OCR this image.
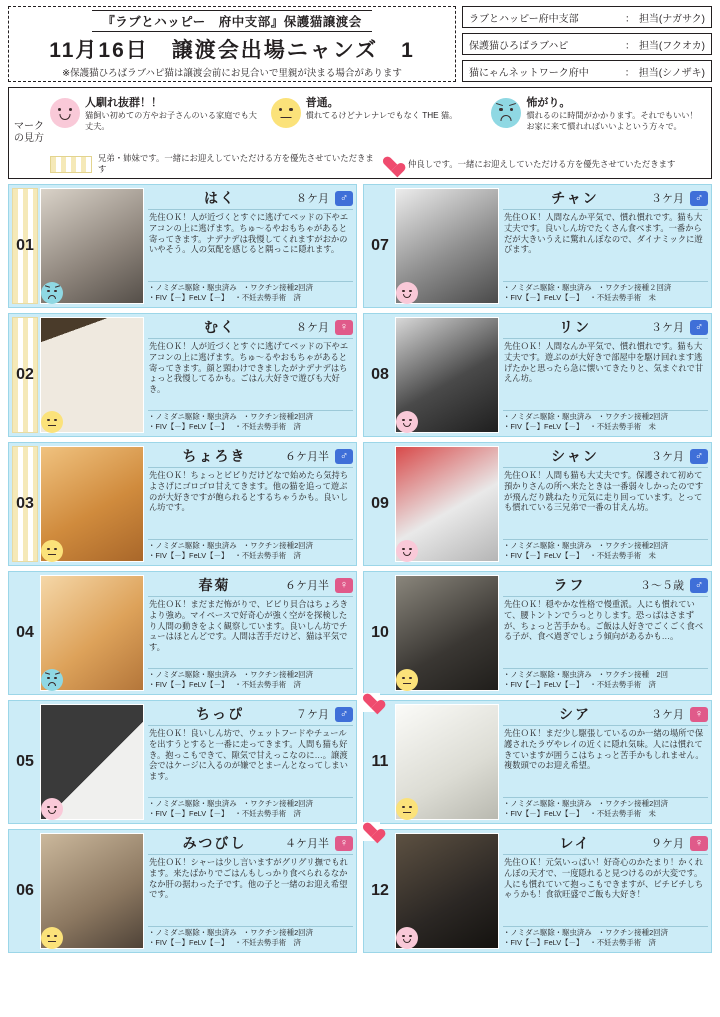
『ラブとハッピー　府中支部』保護猫譲渡会
11月16日　譲渡会出場ニャンズ　1
※保護猫ひろばラブハピ猫は譲渡会前にお見合いで里親が決まる場合があります
ラブとハッピー府中支部	： 担当(ナガサク)
保護猫ひろばラブハピ	： 担当(フクオカ)
猫にゃんネットワーク府中	： 担当(シノザキ)
マークの見方
人馴れ抜群！！
猫飼い初めての方やお子さんのいる家庭でも大丈夫。
普通。
慣れてるけどナレナレでもなく THE 猫。
怖がり。
慣れるのに時間がかかります。それでもいい！お家に来て慣れればいいよという方々で。
兄弟・姉妹です。一緒にお迎えしていただける方を優先させていただきます
仲良しです。一緒にお迎えしていただける方を優先させていただきます
01
はく	８ケ月 ♂
先住ＯＫ！人が近づくとすぐに逃げてベッドの下やエアコンの上に逃げます。ちゅ～るやおもちゃがあると寄ってきます。ナデナデは我慢してくれますがおかのいやそう。人の気配を感じると隅っこに隠れます。
・ノミダニ駆除・駆虫済み ・ワクチン接種2回済
・FIV【－】FeLV【－】 ・不妊去勢手術　済
02
むく	８ケ月 ♀
先住ＯＫ！人が近づくとすぐに逃げてベッドの下やエアコンの上に逃げます。ちゅ～るやおもちゃがあると寄ってきます。顔と頸わけできましたがナデナデはちょっと我慢してるかも。ごはん大好きで遊びも大好き。
・ノミダニ駆除・駆虫済み ・ワクチン接種2回済
・FIV【－】FeLV【－】 ・不妊去勢手術　済
03
ちょろき	６ケ月半 ♂
先住ＯＫ！ちょっとビビりだけどなで始めたら気持ちよさげにゴロゴロ甘えてきます。他の猫を追って遊ぶのが大好きですが飽られるとするちゃうかも。良いしん坊です。
・ノミダニ駆除・駆虫済み ・ワクチン接種2回済
・FIV【－】FeLV【－】 ・不妊去勢手術　済
04
春菊	６ケ月半 ♀
先住ＯＫ！まだまだ怖がりで、ビビり貝合はちょろきより強め。マイペースで好奇心が強く空がを探検したり人間の動きをよく観察しています。良いしん坊でチューはほとんどです。人間は苦手だけど、猫は平気です。
・ノミダニ駆除・駆虫済み ・ワクチン接種2回済
・FIV【－】FeLV【－】 ・不妊去勢手術　済
05
ちっぴ	７ケ月 ♂
先住ＯＫ！良いしん坊で、ウェットフードやチュールを出すうとすると一番に走ってきます。人間も猫も好き。抱っこもできて、隙気で甘えっこなのに…。譲渡会ではケージに入るのが嫌でとまーんとなってしまいます。
・ノミダニ駆除・駆虫済み ・ワクチン接種2回済
・FIV【－】FeLV【－】 ・不妊去勢手術　済
06
みつびし	４ケ月半 ♀
先住ＯＫ！シャーは少し言いますがグリグリ撫でもれます。来たばかりでごはんもしっかり食べられるなかなか肝の据わった子です。他の子と一緒のお迎え希望です。
・ノミダニ駆除・駆虫済み ・ワクチン接種2回済
・FIV【－】FeLV【－】 ・不妊去勢手術　済
07
チャン	３ケ月 ♂
先住ＯＫ！人間なんか平気で、慣れ慣れです。猫も大丈夫です。良いしん坊でたくさん食べます。一番からだが大きいうえに驚れんぼなので、ダイナミックに遊びます。
・ノミダニ駆除・駆虫済み ・ワクチン接種２回済
・FIV【－】FeLV【－】 ・不妊去勢手術　未
08
リン	３ケ月 ♂
先住ＯＫ！人間なんか平気で、慣れ慣れです。猫も大丈夫です。遊ぶのが大好きで部屋中を駆け回れます逃げたかと思ったら急に懐いてきたりと、気まぐれで甘えん坊。
・ノミダニ駆除・駆虫済み ・ワクチン接種2回済
・FIV【－】FeLV【－】 ・不妊去勢手術　未
09
シャン	３ケ月 ♂
先住ＯＫ！人間も猫も大丈夫です。保護されて初めて預かりさんの所へ来たときは一番弱々しかったのですが飛んだり跳ねたり元気に走り回っています。とっても慣れている三兄弟で一番の甘えん坊。
・ノミダニ駆除・駆虫済み ・ワクチン接種2回済
・FIV【－】FeLV【－】 ・不妊去勢手術　未
10
ラフ	３～５歳 ♂
先住ＯＫ！穏やかな性格で慢重派。人にも慣れていて、腰トントンでうっとりします。恐っぱはさまずが、ちょっと苦手かも。ご飯は人好きでごくごく食べる子が、食べ過ぎでしょう傾向があるかも…。
・ノミダニ駆除・駆虫済み ・ワクチン接種　2回
・FIV【－】FeLV【－】 ・不妊去勢手術　済
11
シア	３ケ月 ♀
先住ＯＫ！まだ少し駆張しているのか一緒の場所で保護されたラヴやレイの近くに隠れ気味。人には慣れてきていますが囲うこはちょっと苦手かもしれません。複数頭でのお迎え希望。
・ノミダニ駆除・駆虫済み ・ワクチン接種2回済
・FIV【－】FeLV【－】 ・不妊去勢手術　未
12
レイ	９ケ月 ♀
先住ＯＫ！元気いっぱい！好奇心のかたまり！かくれんぼの天才で、一度隠れると見つけるのが大変です。人にも慣れていて抱っこもできますが、ビチビチしちゃうかも！食欲旺盛でご飯も大好き！
・ノミダニ駆除・駆虫済み ・ワクチン接種2回済
・FIV【－】FeLV【－】 ・不妊去勢手術　済
